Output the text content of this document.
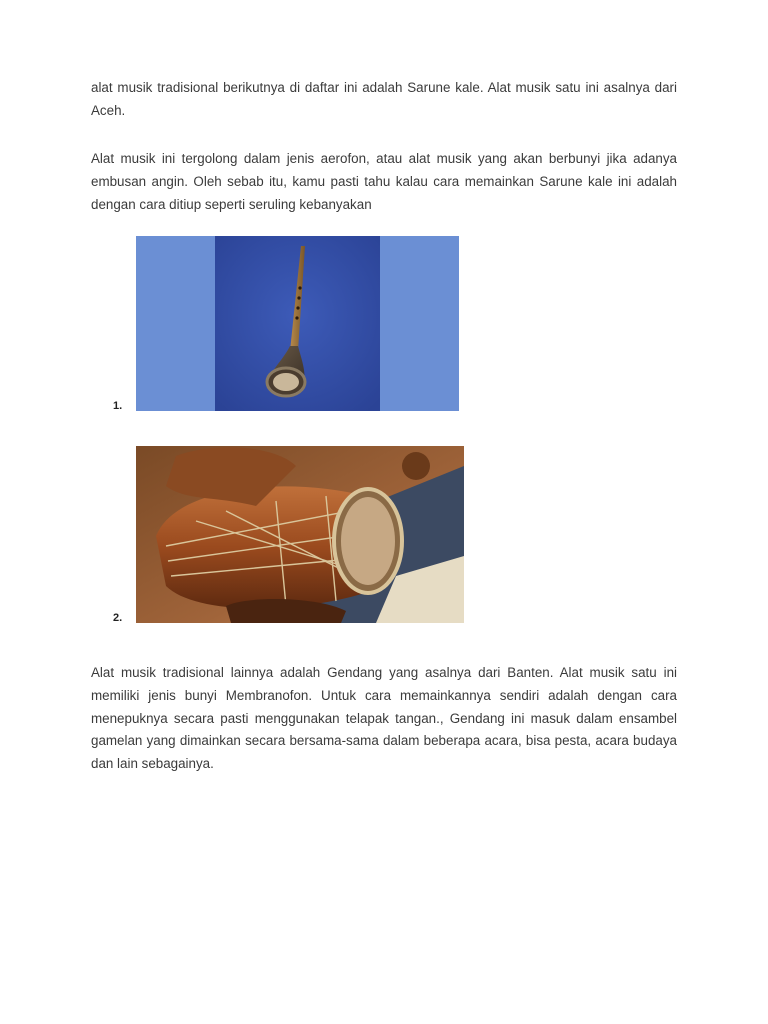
alat musik tradisional berikutnya di daftar ini adalah Sarune kale. Alat musik satu ini asalnya dari Aceh.

Alat musik ini tergolong dalam jenis aerofon, atau alat musik yang akan berbunyi jika adanya embusan angin. Oleh sebab itu, kamu pasti tahu kalau cara memainkan Sarune kale ini adalah dengan cara ditiup seperti seruling kebanyakan

1.
2.

Alat musik tradisional lainnya adalah Gendang yang asalnya dari Banten. Alat musik satu ini memiliki jenis bunyi Membranofon. Untuk cara memainkannya sendiri adalah dengan cara menepuknya secara pasti menggunakan telapak tangan., Gendang ini masuk dalam ensambel gamelan yang dimainkan secara bersama-sama dalam beberapa acara, bisa pesta, acara budaya dan lain sebagainya.
